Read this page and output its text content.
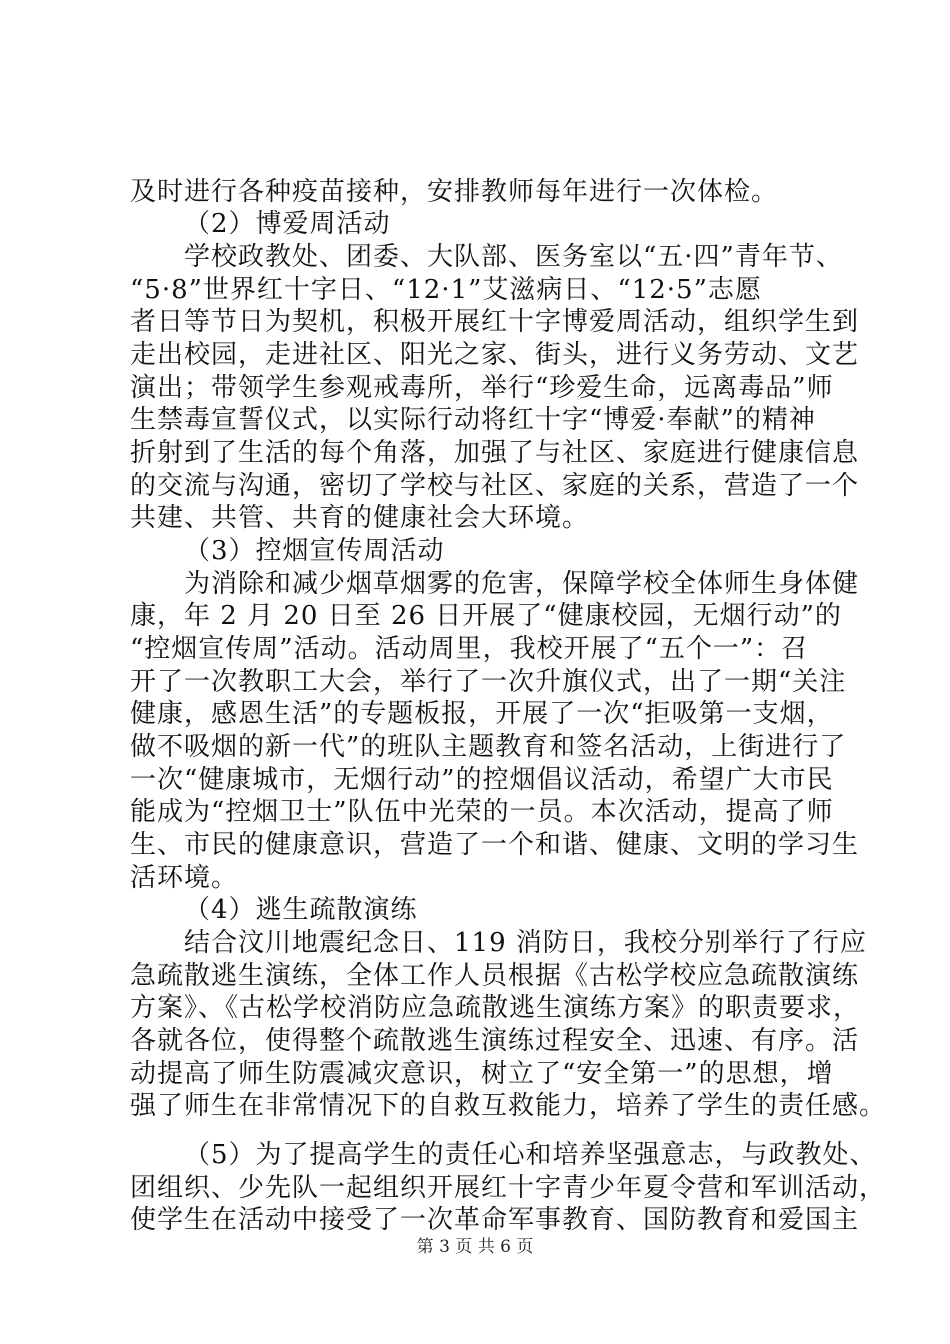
及时进行各种疫苗接种，安排教师每年进行一次体检。
（2）博爱周活动
学校政教处、团委、大队部、医务室以“五·四”青年节、
“5·8”世界红十字日、“12·1”艾滋病日、“12·5”志愿
者日等节日为契机，积极开展红十字博爱周活动，组织学生到
走出校园，走进社区、阳光之家、街头，进行义务劳动、文艺
演出；带领学生参观戒毒所，举行“珍爱生命，远离毒品”师
生禁毒宣誓仪式，以实际行动将红十字“博爱·奉献”的精神
折射到了生活的每个角落，加强了与社区、家庭进行健康信息
的交流与沟通，密切了学校与社区、家庭的关系，营造了一个
共建、共管、共育的健康社会大环境。
（3）控烟宣传周活动
为消除和减少烟草烟雾的危害，保障学校全体师生身体健
康，年 2 月 20 日至 26 日开展了“健康校园，无烟行动”的
“控烟宣传周”活动。活动周里，我校开展了“五个一”：召
开了一次教职工大会，举行了一次升旗仪式，出了一期“关注
健康，感恩生活”的专题板报，开展了一次“拒吸第一支烟，
做不吸烟的新一代”的班队主题教育和签名活动，上街进行了
一次“健康城市，无烟行动”的控烟倡议活动，希望广大市民
能成为“控烟卫士”队伍中光荣的一员。本次活动，提高了师
生、市民的健康意识，营造了一个和谐、健康、文明的学习生
活环境。
（4）逃生疏散演练
结合汶川地震纪念日、119 消防日，我校分别举行了行应
急疏散逃生演练，全体工作人员根据《古松学校应急疏散演练
方案》、《古松学校消防应急疏散逃生演练方案》的职责要求，
各就各位，使得整个疏散逃生演练过程安全、迅速、有序。活
动提高了师生防震减灾意识，树立了“安全第一”的思想，增
强了师生在非常情况下的自救互救能力，培养了学生的责任感。
（5）为了提高学生的责任心和培养坚强意志，与政教处、
团组织、少先队一起组织开展红十字青少年夏令营和军训活动，
使学生在活动中接受了一次革命军事教育、国防教育和爱国主
第 3 页 共 6 页
